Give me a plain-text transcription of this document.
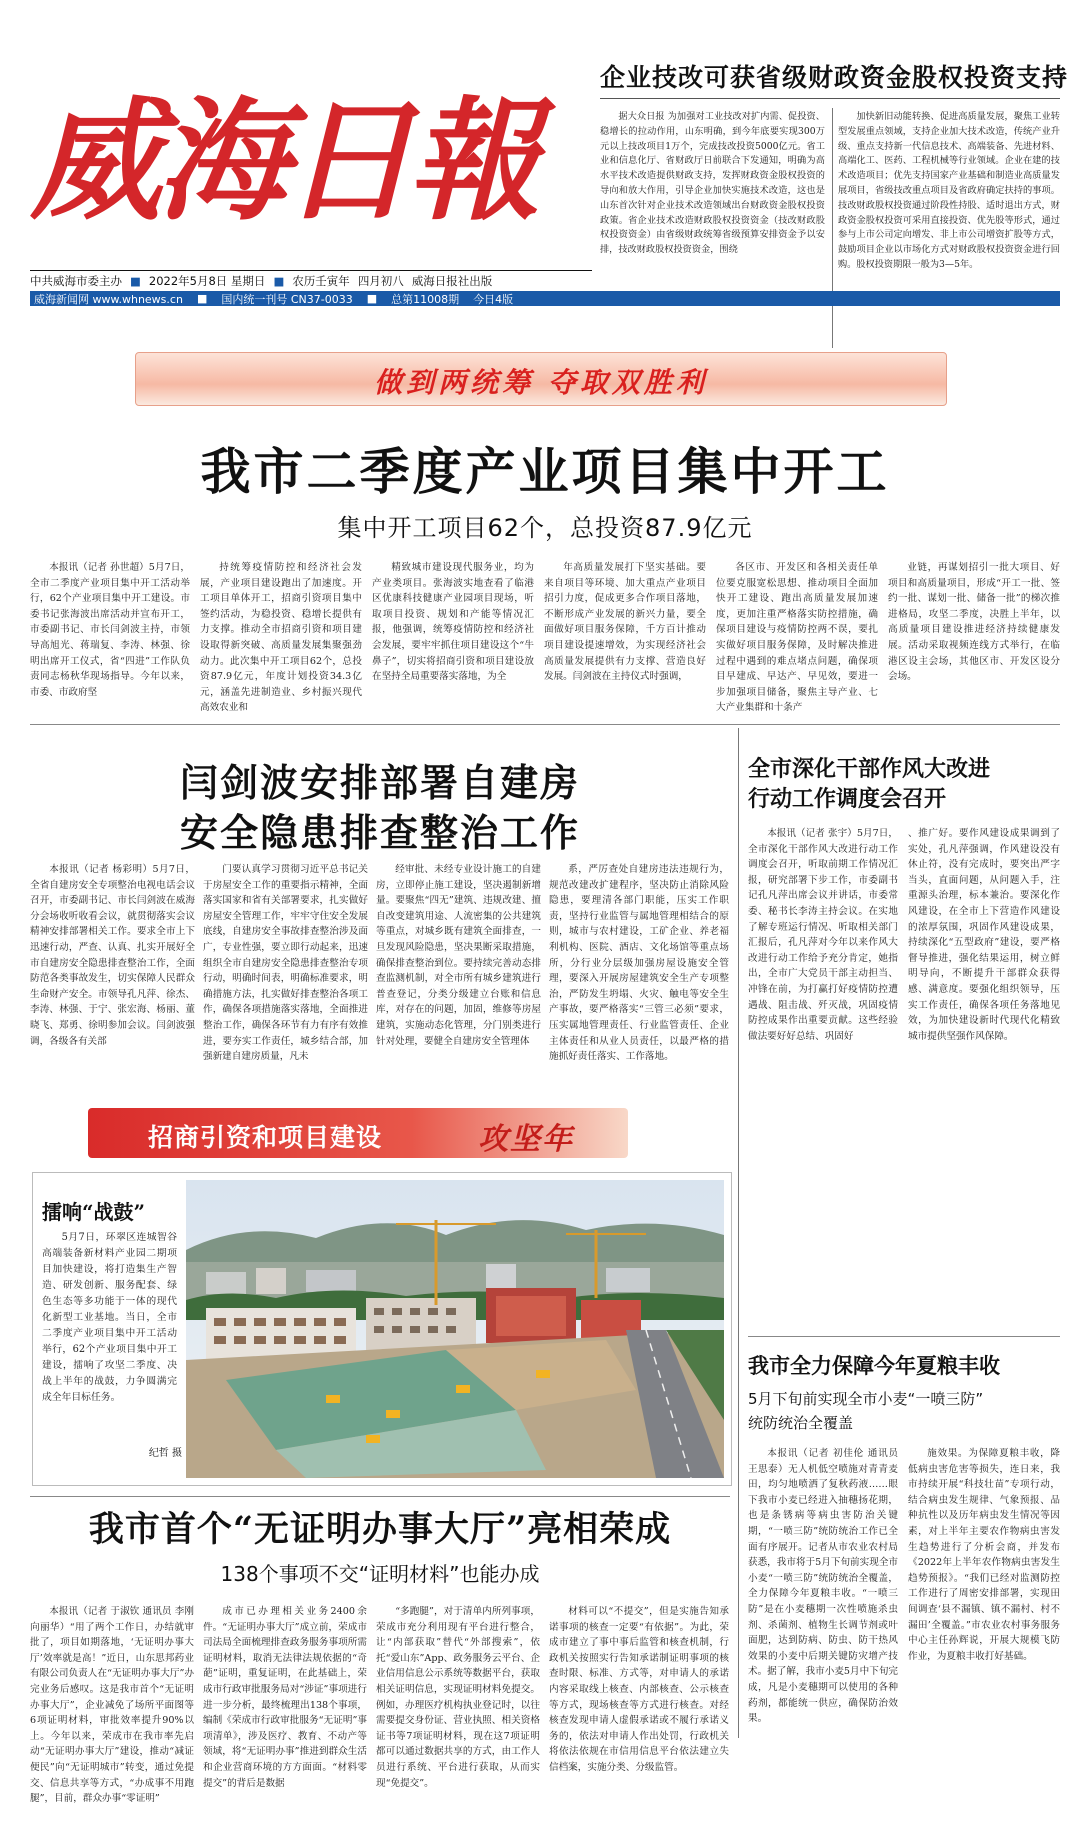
威海日報
企业技改可获省级财政资金股权投资支持
据大众日报 为加强对工业技改对扩内需、促投资、稳增长的拉动作用，山东明确，到今年底要实现300万元以上技改项目1万个，完成技改投资5000亿元。省工业和信息化厅、省财政厅日前联合下发通知，明确为高水平技术改造提供财政支持，发挥财政资金股权投资的导向和放大作用，引导企业加快实施技术改造，这也是山东首次针对企业技术改造领域出台财政资金股权投资政策。省企业技术改造财政股权投资资金（技改财政股权投资资金）由省级财政统筹省级预算安排资金予以安排，技改财政股权投资资金，围绕
加快新旧动能转换、促进高质量发展，聚焦工业转型发展重点领域，支持企业加大技术改造，传统产业升级、重点支持新一代信息技术、高端装备、先进材料、高端化工、医药、工程机械等行业领域。企业在建的技术改造项目；优先支持国家产业基础和制造业高质量发展项目，省级技改重点项目及省政府确定扶持的事项。技改财政股权投资通过阶段性持股、适时退出方式，财政资金股权投资可采用直接投资、优先股等形式，通过参与上市公司定向增发、非上市公司增资扩股等方式，鼓励项目企业以市场化方式对财政股权投资资金进行回购。股权投资期限一般为3—5年。
中共威海市委主办 ■ 2022年5月8日 星期日 ■ 农历壬寅年 四月初八 威海日报社出版
威海新闻网 www.whnews.cn ■ 国内统一刊号 CN37-0033 ■ 总第11008期 今日4版
做到两统筹 夺取双胜利
我市二季度产业项目集中开工
集中开工项目62个，总投资87.9亿元
本报讯（记者 孙世超）5月7日，全市二季度产业项目集中开工活动举行，62个产业项目集中开工建设。市委书记张海波出席活动并宣布开工，市委副书记、市长闫剑波主持，市领导高旭光、蒋瑞复、李涛、林强、徐明出席开工仪式，省“四进”工作队负责同志杨秋华现场指导。今年以来，市委、市政府坚
持统筹疫情防控和经济社会发展，产业项目建设跑出了加速度。开工项目单体开工，招商引资项目集中签约活动，为稳投资、稳增长提供有力支撑。推动全市招商引资和项目建设取得新突破、高质量发展集聚强劲动力。此次集中开工项目62个，总投资87.9亿元，年度计划投资34.3亿元，涵盖先进制造业、乡村振兴现代高效农业和
精致城市建设现代服务业，均为产业类项目。张海波实地查看了临港区优康科技健康产业园项目现场，听取项目投资、规划和产能等情况汇报，他强调，统筹疫情防控和经济社会发展，要牢牢抓住项目建设这个“牛鼻子”，切实将招商引资和项目建设放在坚持全局重要落实落地，为全
年高质量发展打下坚实基础。要来自项目等环境、加大重点产业项目招引力度，促成更多合作项目落地，不断形成产业发展的新兴力量，要全面做好项目服务保障，千方百计推动项目建设提速增效，为实现经济社会高质量发展提供有力支撑、营造良好发展。闫剑波在主持仪式时强调，
各区市、开发区和各相关责任单位要克服宽松思想、推动项目全面加快开工建设、跑出高质量发展加速度，更加注重严格落实防控措施，确保项目建设与疫情防控两不误，要扎实做好项目服务保障，及时解决推进过程中遇到的难点堵点问题，确保项目早建成、早达产、早见效，要进一步加强项目储备，聚焦主导产业、七大产业集群和十条产
业链，再谋划招引一批大项目、好项目和高质量项目，形成“开工一批、签约一批、谋划一批、储备一批”的梯次推进格局，攻坚二季度，决胜上半年，以高质量项目建设推进经济持续健康发展。活动采取视频连线方式举行，在临港区设主会场，其他区市、开发区设分会场。
闫剑波安排部署自建房
安全隐患排查整治工作
本报讯（记者 杨彩明）5月7日，全省自建房安全专项整治电视电话会议召开，市委副书记、市长闫剑波在威海分会场收听收看会议，就贯彻落实会议精神安排部署相关工作。要求全市上下迅速行动，严查、认真、扎实开展好全市自建房安全隐患排查整治工作，全面防范各类事故发生，切实保障人民群众生命财产安全。市领导孔凡萍、徐杰、李涛、林强、于宁、张宏海、杨丽、董晓飞、郑勇、徐明参加会议。闫剑波强调，各级各有关部
门要认真学习贯彻习近平总书记关于房屋安全工作的重要指示精神，全面落实国家和省有关部署要求，扎实做好房屋安全管理工作，牢牢守住安全发展底线，自建房安全事故排查整治涉及面广，专业性强，要立即行动起来，迅速组织全市自建房安全隐患排查整治专项行动，明确时间表，明确标准要求，明确措施方法，扎实做好排查整治各项工作，确保各项措施落实落地，全面推进整治工作，确保各环节有力有序有效推进，要夯实工作责任，城乡结合部，加强新建自建房质量，凡未
经审批、未经专业设计施工的自建房，立即停止施工建设，坚决遏制新增量。要聚焦“四无”建筑、违规改建、擅自改变建筑用途、人流密集的公共建筑等重点，对城乡既有建筑全面排查，一旦发现风险隐患，坚决果断采取措施，确保排查整治到位。要持续完善动态排查监测机制，对全市所有城乡建筑进行普查登记，分类分级建立台账和信息库，对存在的问题，加固，维修等房屋建筑，实施动态化管理，分门别类进行针对处理，要健全自建房安全管理体
系，严厉查处自建房违法违规行为，规范改建改扩建程序，坚决防止消除风险隐患，要理清各部门职能，压实工作职责，坚持行业监管与属地管理相结合的原则，城市与农村建设，工矿企业、养老福利机构、医院、酒店、文化场馆等重点场所，分行业分层级加强房屋设施安全管理，要深入开展房屋建筑安全生产专项整治，严防发生坍塌、火灾、触电等安全生产事故，要严格落实“三管三必须”要求，压实属地管理责任、行业监管责任、企业主体责任和从业人员责任，以最严格的措施抓好责任落实、工作落地。
全市深化干部作风大改进
行动工作调度会召开
本报讯（记者 张宇）5月7日，全市深化干部作风大改进行动工作调度会召开，听取前期工作情况汇报，研究部署下步工作，市委副书记孔凡萍出席会议并讲话，市委常委、秘书长李涛主持会议。在实地了解专班运行情况、听取相关部门汇报后，孔凡萍对今年以来作风大改进行动工作给予充分肯定，她指出，全市广大党员干部主动担当、冲锋在前，为打赢打好疫情防控遭遇战、阻击战、歼灭战，巩固疫情防控成果作出重要贡献。这些经验做法要好好总结、巩固好
、推广好。要作风建设成果调到了实处，孔凡萍强调，作风建设没有休止符，没有完成时，要突出严字当头，直面问题，从问题入手，注重源头治理，标本兼治。要深化作风建设，在全市上下营造作风建设的浓厚氛围，巩固作风建设成果，持续深化“五型政府”建设，要严格督导推进，强化结果运用，树立鲜明导向，不断提升干部群众获得感、满意度。要强化组织领导，压实工作责任，确保各项任务落地见效，为加快建设新时代现代化精致城市提供坚强作风保障。
我市全力保障今年夏粮丰收
5月下旬前实现全市小麦“一喷三防”
统防统治全覆盖
本报讯（记者 初佳伦 通讯员 王思泰）无人机低空喷施对青青麦田，均匀地喷洒了复秋药液……眼下我市小麦已经进入抽穗扬花期，也是条锈病等病虫害防治关键期，“一喷三防”统防统治工作已全面有序展开。记者从市农业农村局获悉，我市将于5月下旬前实现全市小麦“一喷三防”统防统治全覆盖，全力保障今年夏粮丰收。“一喷三防”是在小麦穗期一次性喷施杀虫剂、杀菌剂、植物生长调节剂或叶面肥，达到防病、防虫、防干热风效果的小麦中后期关键防灾增产技术。据了解，我市小麦5月中下旬完成，凡是小麦穗期可以使用的各种药剂，都能统一供应，确保防治效果。
施效果。为保障夏粮丰收，降低病虫害危害等损失，连日来，我市持续开展“科技壮苗”专项行动，结合病虫发生规律、气象预报、品种抗性以及历年病虫发生情况等因素，对上半年主要农作物病虫害发生趋势进行了分析会商，并发布《2022年上半年农作物病虫害发生趋势预报》。“我们已经对监测防控工作进行了周密安排部署，实现田间调查‘县不漏镇、镇不漏村、村不漏田’全覆盖。”市农业农村事务服务中心主任孙辉说，开展大规模飞防作业，为夏粮丰收打好基础。
招商引资和项目建设	攻坚年
擂响“战鼓”
5月7日，环翠区连城智谷高端装备新材料产业园二期项目加快建设，将打造集生产智造、研发创新、服务配套、绿色生态等多功能于一体的现代化新型工业基地。当日，全市二季度产业项目集中开工活动举行，62个产业项目集中开工建设，擂响了攻坚二季度、决战上半年的战鼓，力争圆满完成全年目标任务。
纪哲 摄
我市首个“无证明办事大厅”亮相荣成
138个事项不交“证明材料”也能办成
本报讯（记者 于淑钦 通讯员 李刚 向丽华）“用了两个工作日，办结就审批了，项目如期落地，‘无证明办事大厅’效率就是高！”近日，山东思邦药业有限公司负责人在“无证明办事大厅”办完业务后感叹。这是我市首个“无证明办事大厅”，企业减免了场所平面图等6项证明材料，审批效率提升90%以上。今年以来，荣成市在我市率先启动“无证明办事大厅”建设，推动“减证便民”向“无证明城市”转变，通过免提交、信息共享等方式，“办成事不用跑腿”，目前，群众办事“零证明”
成市已办理相关业务2400余件。“无证明办事大厅”成立前，荣成市司法局全面梳理排查政务服务事项所需证明材料，取消无法律法规依据的“奇葩”证明，重复证明，在此基础上，荣成市行政审批服务局对“涉证”事项进行进一步分析，最终梳理出138个事项，编制《荣成市行政审批服务“无证明”事项清单》，涉及医疗、教育、不动产等领域，将“无证明办事”推进到群众生活和企业营商环境的方方面面。“材料零提交”的背后是数据
“多跑腿”，对于清单内所列事项，荣成市充分利用现有平台进行整合，让“内部获取”替代“外部搜索”，依托“爱山东”App、政务服务云平台、企业信用信息公示系统等数据平台，获取相关证明信息，实现证明材料免提交。例如，办理医疗机构执业登记时，以往需要提交身份证、营业执照、相关资格证书等7项证明材料，现在这7项证明都可以通过数据共享的方式，由工作人员进行系统、平台进行获取，从而实现“免提交”。
材料可以“不提交”，但是实施告知承诺事项的核查一定要“有依据”。为此，荣成市建立了事中事后监管和核查机制，行政机关按照实行告知承诺制证明事项的核查时限、标准、方式等，对申请人的承诺内容采取线上核查、内部核查、公示核查等方式，现场核查等方式进行核查。对经核查发现申请人虚假承诺或不履行承诺义务的，依法对申请人作出处罚，行政机关将依法依规在市信用信息平台依法建立失信档案，实施分类、分级监管。
